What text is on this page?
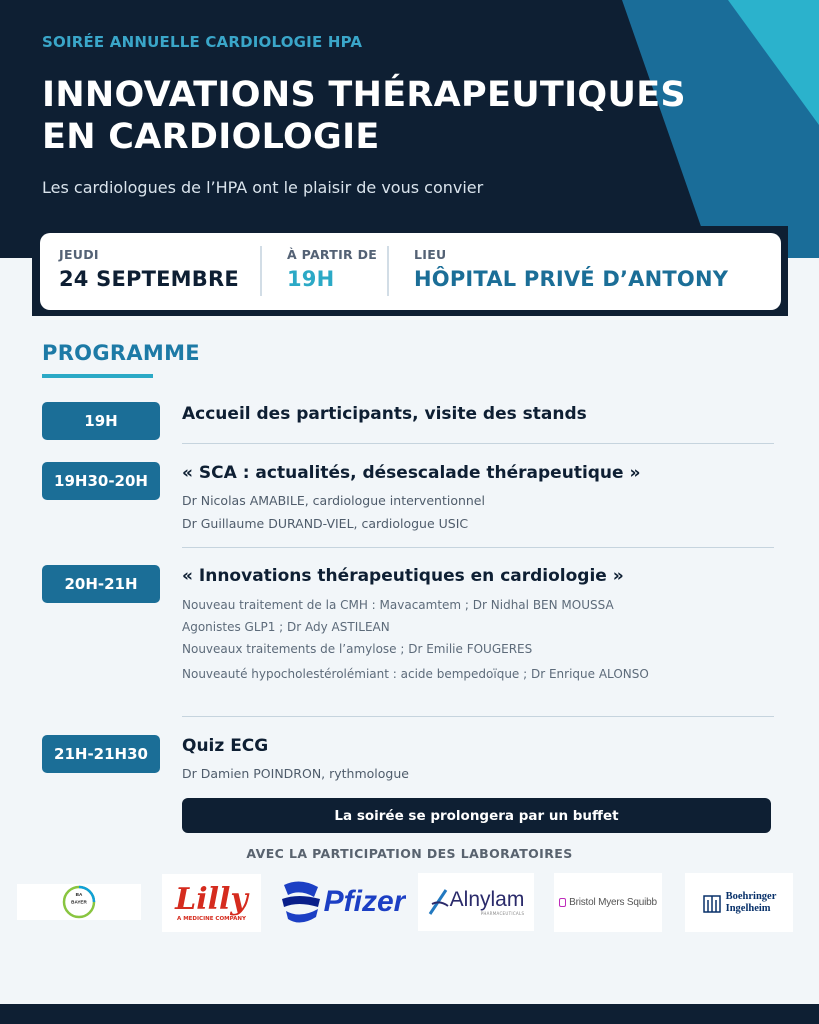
SOIRÉE ANNUELLE CARDIOLOGIE HPA
INNOVATIONS THÉRAPEUTIQUES
EN CARDIOLOGIE
Les cardiologues de l’HPA ont le plaisir de vous convier
JEUDI
24 SEPTEMBRE
À PARTIR DE
19H
LIEU
HÔPITAL PRIVÉ D’ANTONY
PROGRAMME
19H	Accueil des participants, visite des stands
19H30-20H	« SCA : actualités, désescalade thérapeutique »
Dr Nicolas AMABILE, cardiologue interventionnel
Dr Guillaume DURAND-VIEL, cardiologue USIC
20H-21H	« Innovations thérapeutiques en cardiologie »
Nouveau traitement de la CMH : Mavacamtem ; Dr Nidhal BEN MOUSSA
Agonistes GLP1 ; Dr Ady ASTILEAN
Nouveaux traitements de l’amylose ; Dr Emilie FOUGERES
Nouveauté hypocholestérolémiant : acide bempedoïque ; Dr Enrique ALONSO
21H-21H30	Quiz ECG
Dr Damien POINDRON, rythmologue
La soirée se prolongera par un buffet
AVEC LA PARTICIPATION DES LABORATOIRES
BA
BAYER	Lilly
A MEDICINE COMPANY
Pfizer Alnylam
PHARMACEUTICALS
Bristol Myers Squibb
Boehringer
Ingelheim
